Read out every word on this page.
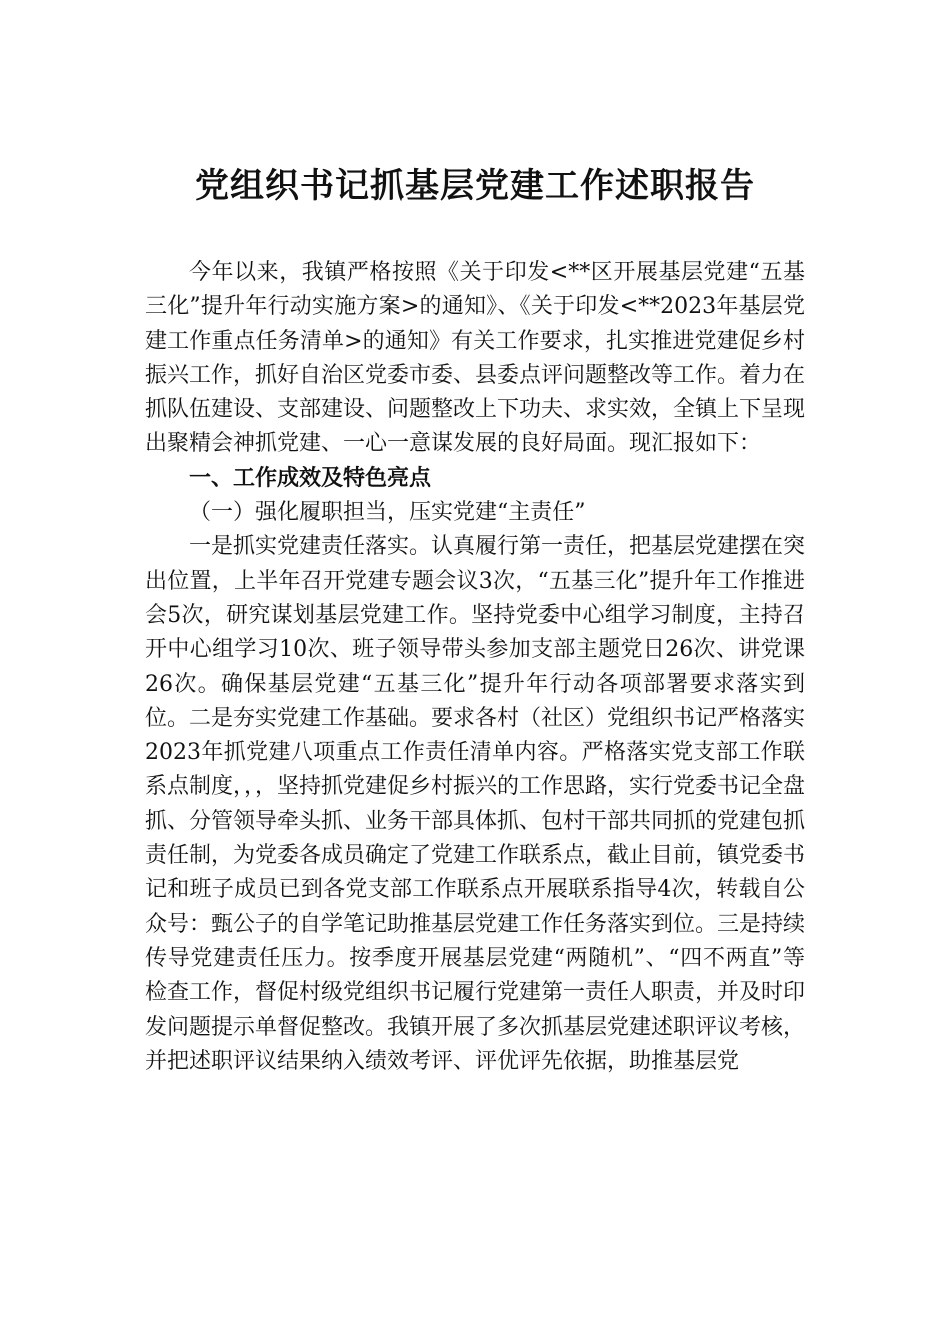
党组织书记抓基层党建工作述职报告

今年以来，我镇严格按照《关于印发<**区开展基层党建“五基三化”提升年行动实施方案>的通知》、《关于印发<**2023年基层党建工作重点任务清单>的通知》有关工作要求，扎实推进党建促乡村振兴工作，抓好自治区党委市委、县委点评问题整改等工作。着力在抓队伍建设、支部建设、问题整改上下功夫、求实效，全镇上下呈现出聚精会神抓党建、一心一意谋发展的良好局面。现汇报如下：

一、工作成效及特色亮点

（一）强化履职担当，压实党建“主责任”

一是抓实党建责任落实。认真履行第一责任，把基层党建摆在突出位置，上半年召开党建专题会议3次，“五基三化”提升年工作推进会5次，研究谋划基层党建工作。坚持党委中心组学习制度，主持召开中心组学习10次、班子领导带头参加支部主题党日26次、讲党课26次。确保基层党建“五基三化”提升年行动各项部署要求落实到位。二是夯实党建工作基础。要求各村（社区）党组织书记严格落实2023年抓党建八项重点工作责任清单内容。严格落实党支部工作联系点制度，，，坚持抓党建促乡村振兴的工作思路，实行党委书记全盘抓、分管领导牵头抓、业务干部具体抓、包村干部共同抓的党建包抓责任制，为党委各成员确定了党建工作联系点，截止目前，镇党委书记和班子成员已到各党支部工作联系点开展联系指导4次，转载自公众号：甄公子的自学笔记助推基层党建工作任务落实到位。三是持续传导党建责任压力。按季度开展基层党建“两随机”、“四不两直”等检查工作，督促村级党组织书记履行党建第一责任人职责，并及时印发问题提示单督促整改。我镇开展了多次抓基层党建述职评议考核，并把述职评议结果纳入绩效考评、评优评先依据，助推基层党
